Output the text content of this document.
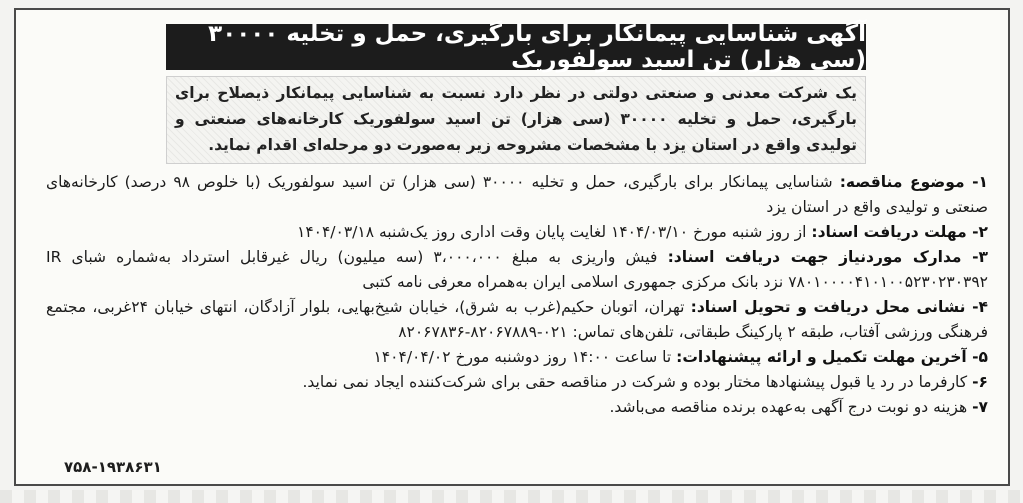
آگهی شناسایی پیمانکار برای بارگیری، حمل و تخلیه ۳۰۰۰۰ (سی هزار) تن اسید سولفوریک
یک شرکت معدنی و صنعتی دولتی در نظر دارد نسبت به شناسایی پیمانکار ذیصلاح برای بارگیری، حمل و تخلیه ۳۰۰۰۰ (سی هزار) تن اسید سولفوریک کارخانه‌های صنعتی و تولیدی واقع در استان یزد با مشخصات مشروحه زیر به‌صورت دو مرحله‌ای اقدام نماید.
۱- موضوع مناقصه: شناسایی پیمانکار برای بارگیری، حمل و تخلیه ۳۰۰۰۰ (سی هزار) تن اسید سولفوریک (با خلوص ۹۸ درصد) کارخانه‌های صنعتی و تولیدی واقع در استان یزد
۲- مهلت دریافت اسناد: از روز شنبه مورخ ۱۴۰۴/۰۳/۱۰ لغایت پایان وقت اداری روز یک‌شنبه ۱۴۰۴/۰۳/۱۸
۳- مدارک موردنیاز جهت دریافت اسناد: فیش واریزی به مبلغ ۳،۰۰۰،۰۰۰ (سه میلیون) ریال غیرقابل استرداد به‌شماره شبای IR ۷۸۰۱۰۰۰۰۴۱۰۱۰۰۵۲۳۰۲۳۰۳۹۲ نزد بانک مرکزی جمهوری اسلامی ایران به‌همراه معرفی نامه کتبی
۴- نشانی محل دریافت و تحویل اسناد: تهران، اتوبان حکیم(غرب به شرق)، خیابان شیخ‌بهایی، بلوار آزادگان، انتهای خیابان ۲۴غربی، مجتمع فرهنگی ورزشی آفتاب، طبقه ۲ پارکینگ طبقاتی، تلفن‌های تماس: ۰۲۱-۸۲۰۶۷۸۸۹-۸۲۰۶۷۸۳۶
۵- آخرین مهلت تکمیل و ارائه پیشنهادات: تا ساعت ۱۴:۰۰ روز دوشنبه مورخ ۱۴۰۴/۰۴/۰۲
۶- کارفرما در رد یا قبول پیشنهادها مختار بوده و شرکت در مناقصه حقی برای شرکت‌کننده ایجاد نمی نماید.
۷- هزینه دو نوبت درج آگهی به‌عهده برنده مناقصه می‌باشد.
۷۵۸-۱۹۳۸۶۳۱
